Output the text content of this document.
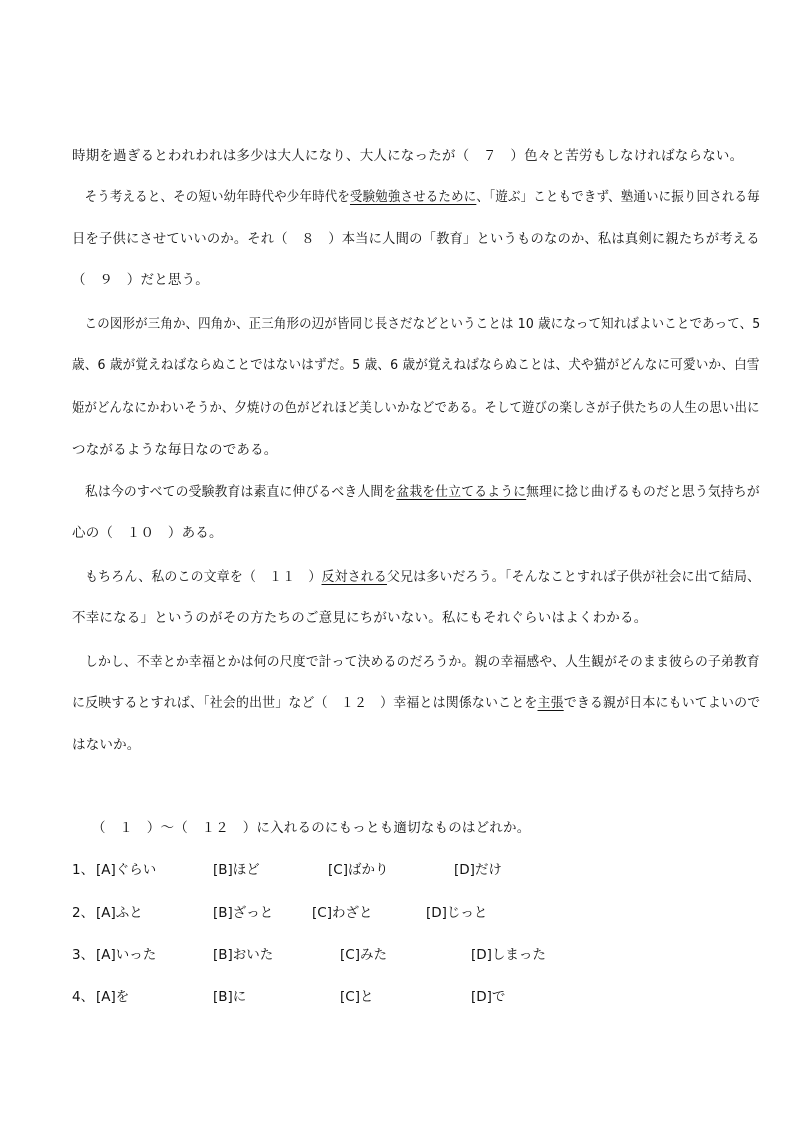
時期を過ぎるとわれわれは多少は大人になり、大人になったが（　７　）色々と苦労もしなければならない。
　そう考えると、その短い幼年時代や少年時代を受験勉強させるために、「遊ぶ」こともできず、塾通いに振り回される毎
日を子供にさせていいのか。それ（　８　）本当に人間の「教育」というものなのか、私は真剣に親たちが考える
（　９　）だと思う。
　この図形が三角か、四角か、正三角形の辺が皆同じ長さだなどということは 10 歳になって知ればよいことであって、5
歳、6 歳が覚えねばならぬことではないはずだ。5 歳、6 歳が覚えねばならぬことは、犬や猫がどんなに可愛いか、白雪
姫がどんなにかわいそうか、夕焼けの色がどれほど美しいかなどである。そして遊びの楽しさが子供たちの人生の思い出に
つながるような毎日なのである。
　私は今のすべての受験教育は素直に伸びるべき人間を盆栽を仕立てるように無理に捻じ曲げるものだと思う気持ちが
心の（　１０　）ある。
　もちろん、私のこの文章を（　１１　）反対される父兄は多いだろう。「そんなことすれば子供が社会に出て結局、
不幸になる」というのがその方たちのご意見にちがいない。私にもそれぐらいはよくわかる。
　しかし、不幸とか幸福とかは何の尺度で計って決めるのだろうか。親の幸福感や、人生観がそのまま彼らの子弟教育
に反映するとすれば、「社会的出世」など（　１２　）幸福とは関係ないことを主張できる親が日本にもいてよいので
はないか。
（　１　）～（　１２　）に入れるのにもっとも適切なものはどれか。
1、 [A]ぐらい	[B]ほど	[C]ばかり	[D]だけ
2、 [A]ふと	[B]ざっと	[C]わざと	[D]じっと
3、 [A]いった	[B]おいた	[C]みた	[D]しまった
4、 [A]を	[B]に	[C]と	[D]で
